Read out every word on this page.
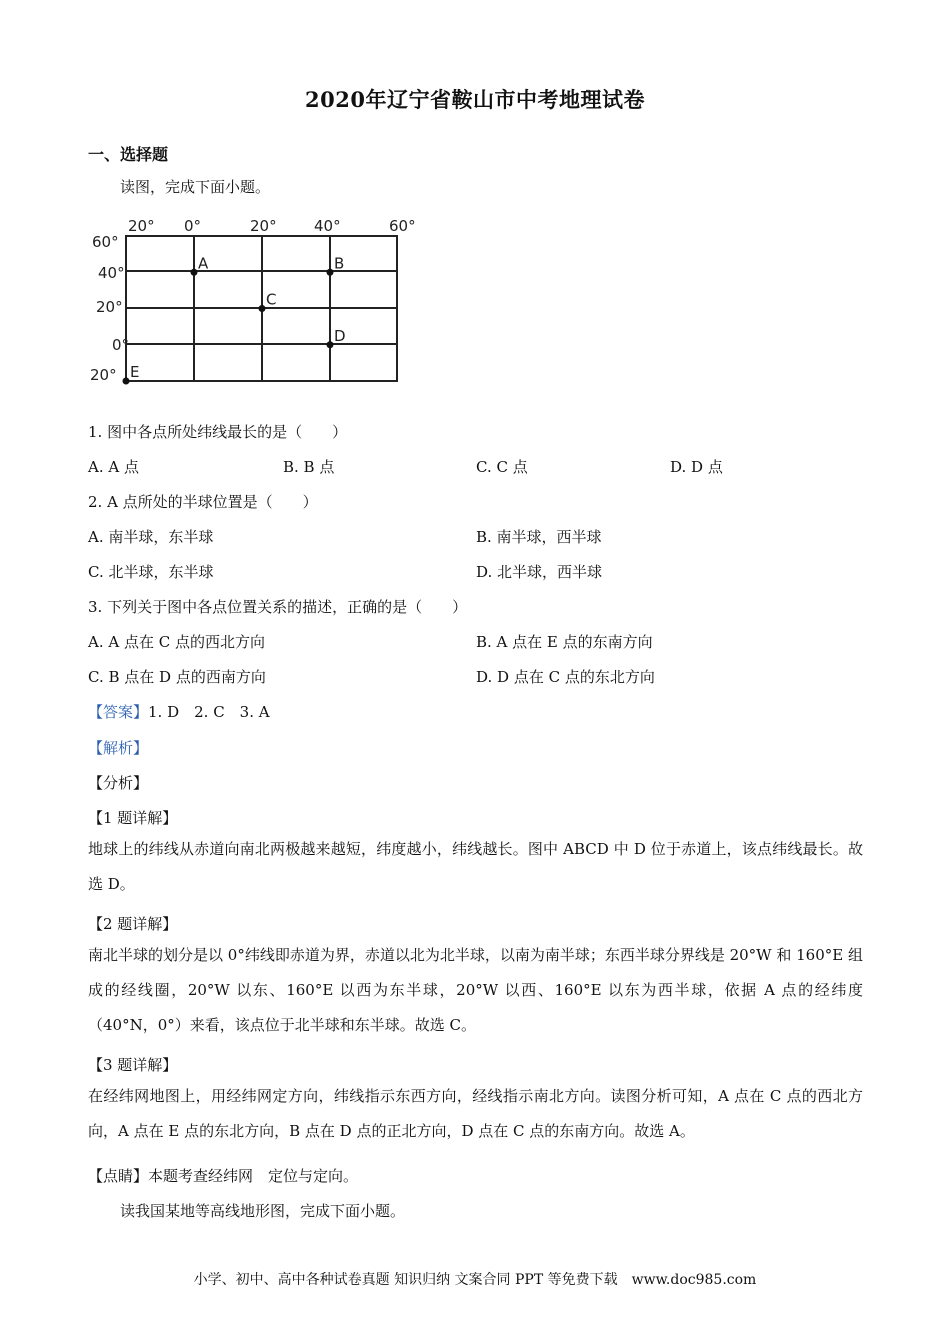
2020年辽宁省鞍山市中考地理试卷
一、选择题
读图，完成下面小题。
20° 0°	20° 40°	60°
60°
40°
20°
0°
20°
A	B
C
D
E
1. 图中各点所处纬线最长的是（　　）
A. A 点	B. B 点	C. C 点	D. D 点
2. A 点所处的半球位置是（　　）
A. 南半球，东半球	B. 南半球，西半球
C. 北半球，东半球	D. 北半球，西半球
3. 下列关于图中各点位置关系的描述，正确的是（　　）
A. A 点在 C 点的西北方向	B. A 点在 E 点的东南方向
C. B 点在 D 点的西南方向	D. D 点在 C 点的东北方向
【答案】1. D　2. C　3. A
【解析】
【分析】
【1 题详解】
地球上的纬线从赤道向南北两极越来越短，纬度越小，纬线越长。图中 ABCD 中 D 位于赤道上，该点纬线最长。故选 D。
【2 题详解】
南北半球的划分是以 0°纬线即赤道为界，赤道以北为北半球，以南为南半球；东西半球分界线是 20°W 和 160°E 组成的经线圈，20°W 以东、160°E 以西为东半球，20°W 以西、160°E 以东为西半球，依据 A 点的经纬度（40°N，0°）来看，该点位于北半球和东半球。故选 C。
【3 题详解】
在经纬网地图上，用经纬网定方向，纬线指示东西方向，经线指示南北方向。读图分析可知，A 点在 C 点的西北方向，A 点在 E 点的东北方向，B 点在 D 点的正北方向，D 点在 C 点的东南方向。故选 A。
【点睛】本题考查经纬网　定位与定向。
读我国某地等高线地形图，完成下面小题。
小学、初中、高中各种试卷真题 知识归纳 文案合同 PPT 等免费下载　www.doc985.com
